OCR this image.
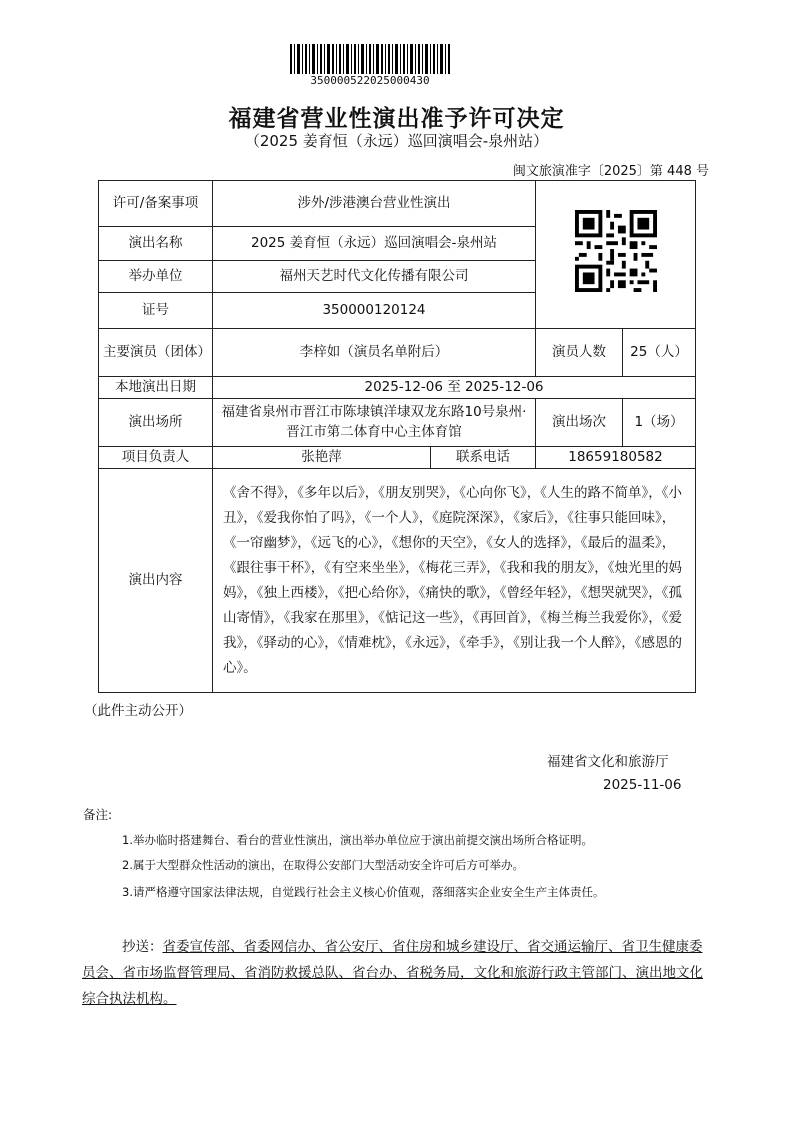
350000522025000430
福建省营业性演出准予许可决定
（2025 姜育恒（永远）巡回演唱会-泉州站）
闽文旅演准字〔2025〕第 448 号
许可/备案事项	涉外/涉港澳台营业性演出	
演出名称	2025 姜育恒（永远）巡回演唱会-泉州站			
举办单位	福州天艺时代文化传播有限公司			
证号	350000120124			
主要演员（团体）	李梓如（演员名单附后）		演员人数	25（人）
本地演出日期	2025-12-06 至 2025-12-06			
演出场所	福建省泉州市晋江市陈埭镇洋埭双龙东路10号泉州·晋江市第二体育中心主体育馆		演出场次	1（场）
项目负责人	张艳萍	联系电话	18659180582	
演出内容	《舍不得》，《多年以后》，《朋友别哭》，《心向你飞》，《人生的路不简单》，《小丑》，《爱我你怕了吗》，《一个人》，《庭院深深》，《家后》，《往事只能回味》，《一帘幽梦》，《远飞的心》，《想你的天空》，《女人的选择》，《最后的温柔》，《跟往事干杯》，《有空来坐坐》，《梅花三弄》，《我和我的朋友》，《烛光里的妈妈》，《独上西楼》，《把心给你》，《痛快的歌》，《曾经年轻》，《想哭就哭》，《孤山寄情》，《我家在那里》，《惦记这一些》，《再回首》，《梅兰梅兰我爱你》，《爱我》，《驿动的心》，《情难枕》，《永远》，《牵手》，《别让我一个人醉》，《感恩的心》。			
（此件主动公开）
福建省文化和旅游厅
2025-11-06
备注:
1.举办临时搭建舞台、看台的营业性演出，演出举办单位应于演出前提交演出场所合格证明。
2.属于大型群众性活动的演出，在取得公安部门大型活动安全许可后方可举办。
3.请严格遵守国家法律法规，自觉践行社会主义核心价值观，落细落实企业安全生产主体责任。
抄送：省委宣传部、省委网信办、省公安厅、省住房和城乡建设厅、省交通运输厅、省卫生健康委员会、省市场监督管理局、省消防救援总队、省台办、省税务局，文化和旅游行政主管部门、演出地文化综合执法机构。
